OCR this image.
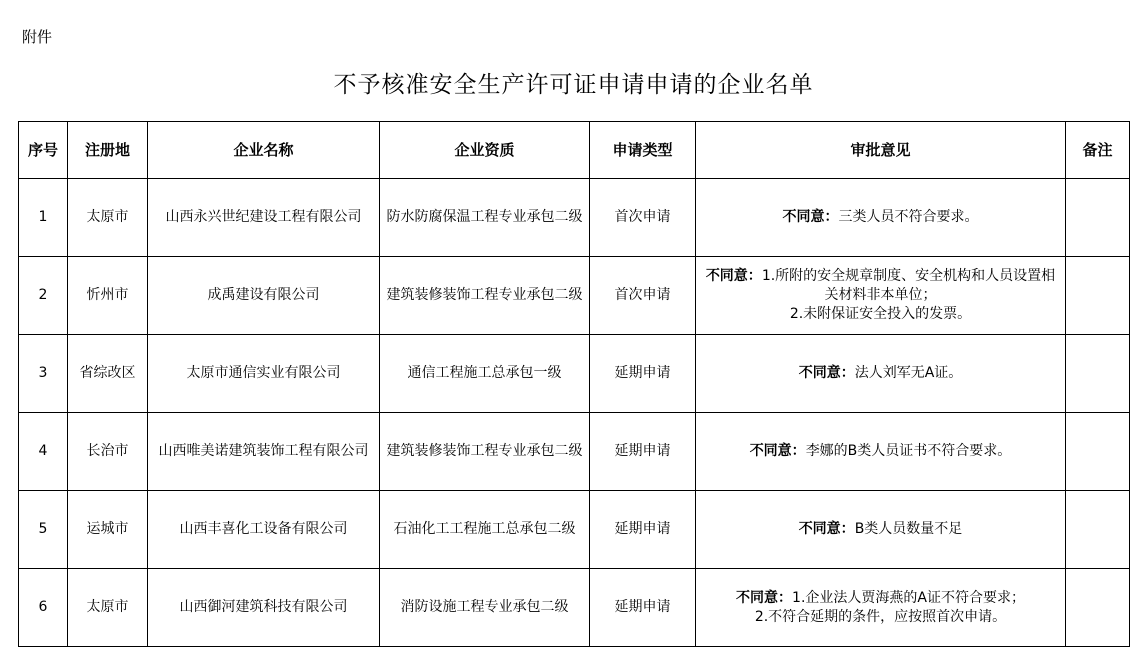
附件
不予核准安全生产许可证申请申请的企业名单
序号	注册地	企业名称	企业资质	申请类型	审批意见	备注
1	太原市	山西永兴世纪建设工程有限公司	防水防腐保温工程专业承包二级	首次申请	不同意：三类人员不符合要求。	
2	忻州市	成禹建设有限公司	建筑装修装饰工程专业承包二级	首次申请	不同意：1.所附的安全规章制度、安全机构和人员设置相关材料非本单位；
2.未附保证安全投入的发票。	

3	省综改区	太原市通信实业有限公司	通信工程施工总承包一级	延期申请	不同意：法人刘军无A证。	
4	长治市	山西唯美诺建筑装饰工程有限公司	建筑装修装饰工程专业承包二级	延期申请	不同意：李娜的B类人员证书不符合要求。	
5	运城市	山西丰喜化工设备有限公司	石油化工工程施工总承包二级	延期申请	不同意：B类人员数量不足	
6	太原市	山西御河建筑科技有限公司	消防设施工程专业承包二级	延期申请	不同意：1.企业法人贾海燕的A证不符合要求；
2.不符合延期的条件，应按照首次申请。	
